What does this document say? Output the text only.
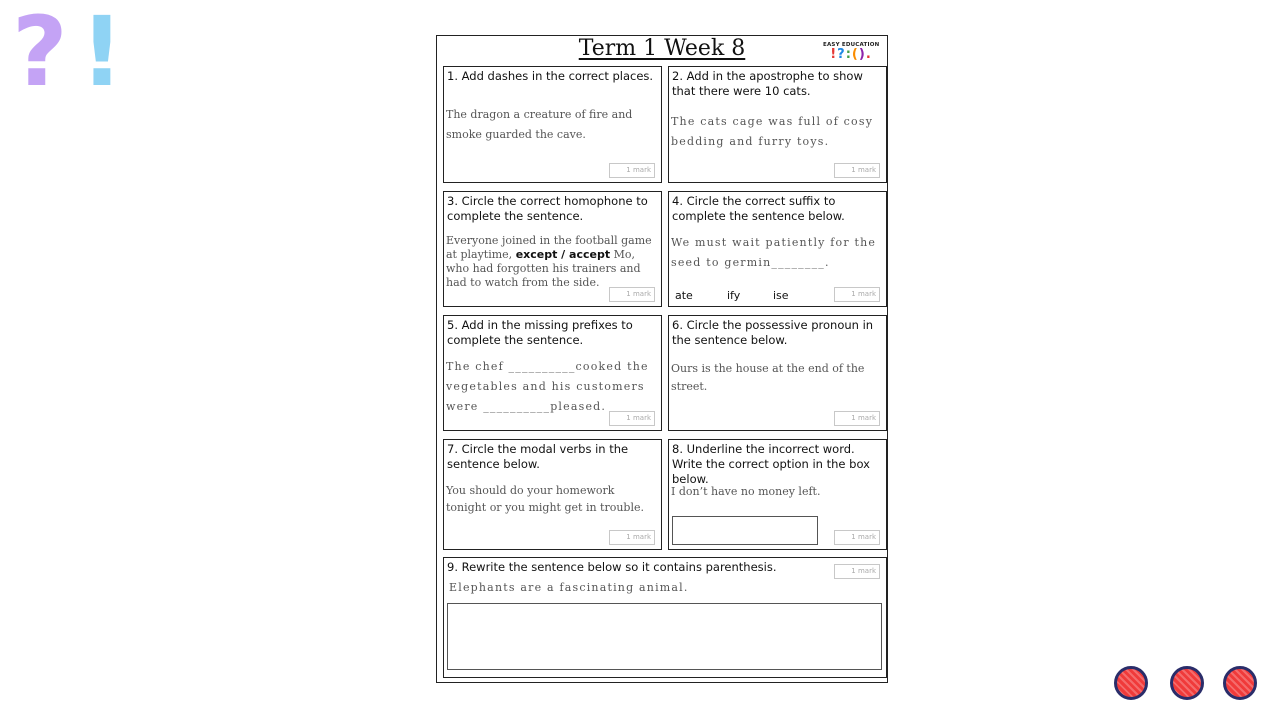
? !	Term 1 Week 8	EASY EDUCATION
!?:().
1. Add dashes in the correct places.
The dragon a creature of fire and smoke guarded the cave.
1 mark
2. Add in the apostrophe to show that there were 10 cats.
The cats cage was full of cosy bedding and furry toys.
1 mark
3. Circle the correct homophone to complete the sentence.
Everyone joined in the football game at playtime, except / accept Mo, who had forgotten his trainers and had to watch from the side.
1 mark
4. Circle the correct suffix to complete the sentence below.
We must wait patiently for the seed to germin________.
ate	ify	ise	1 mark
5. Add in the missing prefixes to complete the sentence.
The chef __________cooked the vegetables and his customers were __________pleased.
1 mark
6. Circle the possessive pronoun in the sentence below.
Ours is the house at the end of the street.
1 mark
7. Circle the modal verbs in the sentence below.
You should do your homework tonight or you might get in trouble.
1 mark
8. Underline the incorrect word. Write the correct option in the box below.
I don’t have no money left.
1 mark
9. Rewrite the sentence below so it contains parenthesis.
Elephants are a fascinating animal.
1 mark
